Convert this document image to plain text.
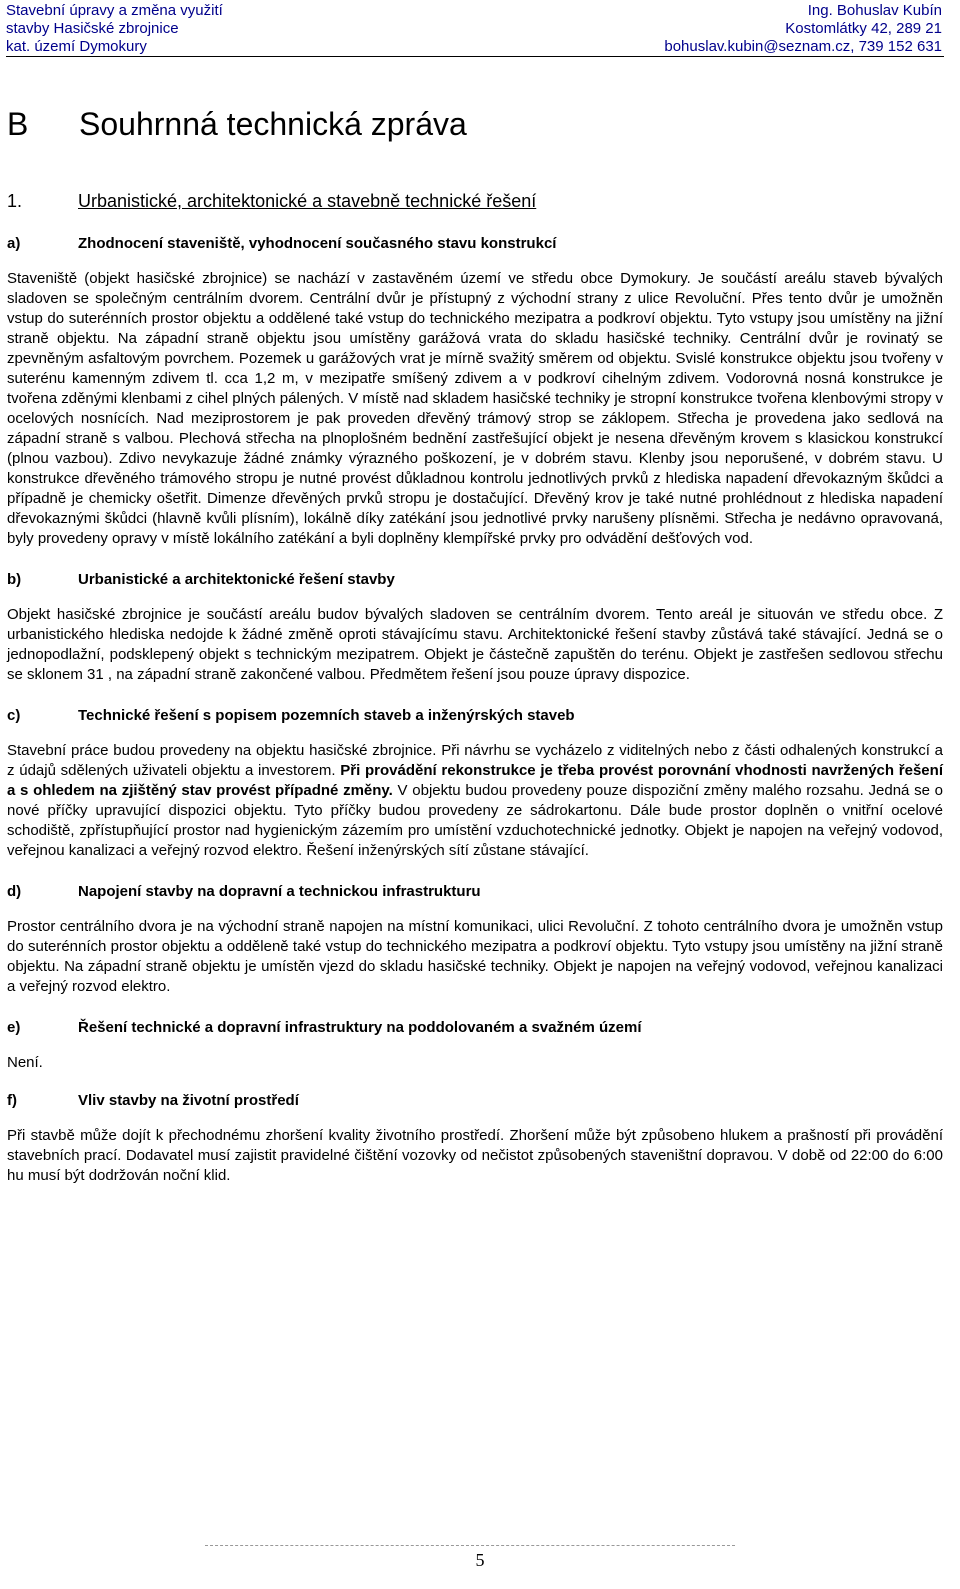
Stavební úpravy a změna využití	Ing. Bohuslav Kubín
stavby Hasičské zbrojnice	Kostomlátky 42, 289 21
kat. území Dymokury	bohuslav.kubin@seznam.cz, 739 152 631
B Souhrnná technická zpráva
1.	Urbanistické, architektonické a stavebně technické řešení
a)	Zhodnocení staveniště, vyhodnocení současného stavu konstrukcí

Staveniště (objekt hasičské zbrojnice) se nachází v zastavěném území ve středu obce Dymokury. Je součástí areálu staveb bývalých sladoven se společným centrálním dvorem. Centrální dvůr je přístupný z východní strany z ulice Revoluční. Přes tento dvůr je umožněn vstup do suterénních prostor objektu a oddělené také vstup do technického mezipatra a podkroví objektu. Tyto vstupy jsou umístěny na jižní straně objektu. Na západní straně objektu jsou umístěny garážová vrata do skladu hasičské techniky. Centrální dvůr je rovinatý se zpevněným asfaltovým povrchem. Pozemek u garážových vrat je mírně svažitý směrem od objektu. Svislé konstrukce objektu jsou tvořeny v suterénu kamenným zdivem tl. cca 1,2 m, v mezipatře smíšený zdivem a v podkroví cihelným zdivem. Vodorovná nosná konstrukce je tvořena zděnými klenbami z cihel plných pálených. V místě nad skladem hasičské techniky je stropní konstrukce tvořena klenbovými stropy v ocelových nosnících. Nad meziprostorem je pak proveden dřevěný trámový strop se záklopem. Střecha je provedena jako sedlová na západní straně s valbou. Plechová střecha na plnoplošném bednění zastřešující objekt je nesena dřevěným krovem s klasickou konstrukcí (plnou vazbou). Zdivo nevykazuje žádné známky výrazného poškození, je v dobrém stavu. Klenby jsou neporušené, v dobrém stavu. U konstrukce dřevěného trámového stropu je nutné provést důkladnou kontrolu jednotlivých prvků z hlediska napadení dřevokazným škůdci a případně je chemicky ošetřit. Dimenze dřevěných prvků stropu je dostačující. Dřevěný krov je také nutné prohlédnout z hlediska napadení dřevokaznými škůdci (hlavně kvůli plísním), lokálně díky zatékání jsou jednotlivé prvky narušeny plísněmi. Střecha je nedávno opravovaná, byly provedeny opravy v místě lokálního zatékání a byli doplněny klempířské prvky pro odvádění dešťových vod.

b)	Urbanistické a architektonické řešení stavby

Objekt hasičské zbrojnice je součástí areálu budov bývalých sladoven se centrálním dvorem. Tento areál je situován ve středu obce. Z urbanistického hlediska nedojde k žádné změně oproti stávajícímu stavu. Architektonické řešení stavby zůstává také stávající. Jedná se o jednopodlažní, podsklepený objekt s technickým mezipatrem. Objekt je částečně zapuštěn do terénu. Objekt je zastřešen sedlovou střechu se sklonem 31 , na západní straně zakončené valbou. Předmětem řešení jsou pouze úpravy dispozice.

c)	Technické řešení s popisem pozemních staveb a inženýrských staveb

Stavební práce budou provedeny na objektu hasičské zbrojnice. Při návrhu se vycházelo z viditelných nebo z části odhalených konstrukcí a z údajů sdělených uživateli objektu a investorem. Při provádění rekonstrukce je třeba provést porovnání vhodnosti navržených řešení a s ohledem na zjištěný stav provést případné změny. V objektu budou provedeny pouze dispoziční změny malého rozsahu. Jedná se o nové příčky upravující dispozici objektu. Tyto příčky budou provedeny ze sádrokartonu. Dále bude prostor doplněn o vnitřní ocelové schodiště, zpřístupňující prostor nad hygienickým zázemím pro umístění vzduchotechnické jednotky. Objekt je napojen na veřejný vodovod, veřejnou kanalizaci a veřejný rozvod elektro. Řešení inženýrských sítí zůstane stávající.

d)	Napojení stavby na dopravní a technickou infrastrukturu

Prostor centrálního dvora je na východní straně napojen na místní komunikaci, ulici Revoluční. Z tohoto centrálního dvora je umožněn vstup do suterénních prostor objektu a odděleně také vstup do technického mezipatra a podkroví objektu. Tyto vstupy jsou umístěny na jižní straně objektu. Na západní straně objektu je umístěn vjezd do skladu hasičské techniky. Objekt je napojen na veřejný vodovod, veřejnou kanalizaci a veřejný rozvod elektro.

e)	Řešení technické a dopravní infrastruktury na poddolovaném a svažném území

Není.

f)	Vliv stavby na životní prostředí

Při stavbě může dojít k přechodnému zhoršení kvality životního prostředí. Zhoršení může být způsobeno hlukem a prašností při provádění stavebních prací. Dodavatel musí zajistit pravidelné čištění vozovky od nečistot způsobených staveništní dopravou. V době od 22:00 do 6:00 hu musí být dodržován noční klid.

5
